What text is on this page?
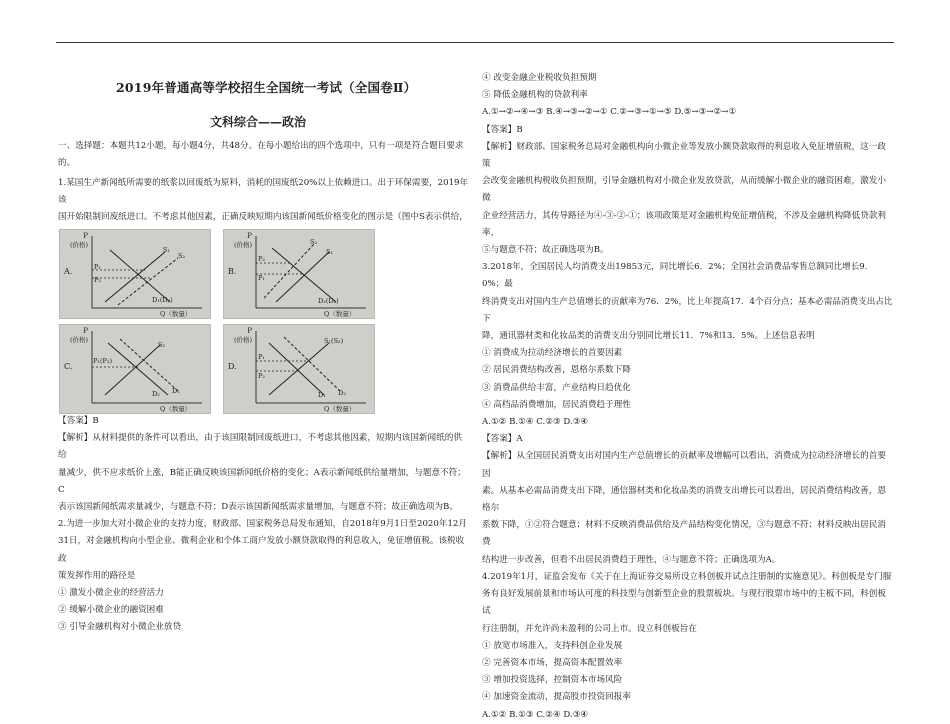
2019年普通高等学校招生全国统一考试（全国卷Ⅱ）
文科综合——政治
一、选择题：本题共12小题，每小题4分，共48分。在每小题给出的四个选项中，只有一项是符合题目要求
的。
1.某国生产新闻纸所需要的纸浆以回废纸为原料，消耗的国废纸20%以上依赖进口。出于环保需要，2019年该
国开始限制回废纸进口。不考虑其他因素，正确反映短期内该国新闻纸价格变化的图示是（图中S表示供给，
P
(价格)
A.
Q（数量）
S₁
S₂
P₁
P₂
D₁(D₂)
P
(价格)
B.
Q（数量）
S₂
S₁
P₂
P₁
D₁(D₂)
P
(价格)
C.
Q（数量）
S₂
P₁(P₂)
D₂ D₁
P
(价格)
D.
Q（数量）
S₁(S₂)
P₁
P₂
D₁ D₂
【答案】B
【解析】从材料提供的条件可以看出，由于该国限制回废纸进口，不考虑其他因素，短期内该国新闻纸的供给
量减少，供不应求纸价上涨，B能正确反映该国新闻纸价格的变化；A表示新闻纸供给量增加，与题意不符；C
表示该国新闻纸需求量减少，与题意不符；D表示该国新闻纸需求量增加，与题意不符；故正确选项为B。
2.为进一步加大对小微企业的支持力度，财政部、国家税务总局发布通知，自2018年9月1日至2020年12月
31日，对金融机构向小型企业、微利企业和个体工商户发放小额贷款取得的利息收入，免征增值税。该税收政
策发挥作用的路径是
① 激发小微企业的经营活力
② 缓解小微企业的融资困难
③ 引导金融机构对小微企业放贷
④ 改变金融企业税收负担预期
⑤ 降低金融机构的贷款利率
A.①→②→④→③ B.④→③→②→① C.②→③→①→⑤ D.⑤→③→②→①
【答案】B
【解析】财政部、国家税务总局对金融机构向小微企业等发放小额贷款取得的利息收入免征增值税，这一政策
会改变金融机构税收负担预期，引导金融机构对小微企业发放贷款，从而缓解小微企业的融资困难，激发小微
企业经营活力，其传导路径为④-③-②-①；该项政策是对金融机构免征增值税，不涉及金融机构降低贷款利率，
⑤与题意不符；故正确选项为B。
3.2018年，全国居民人均消费支出19853元，同比增长6．2%；全国社会消费品零售总额同比增长9．0%；最
终消费支出对国内生产总值增长的贡献率为76．2%，比上年提高17．4个百分点；基本必需品消费支出占比下
降，通讯器材类和化妆品类的消费支出分别同比增长11．7%和13．5%。上述信息表明
① 消费成为拉动经济增长的首要因素
② 居民消费结构改善，恩格尔系数下降
③ 消费品供给丰富，产业结构日趋优化
④ 高档品消费增加，居民消费趋于理性
A.①② B.①④ C.②③ D.③④
【答案】A
【解析】从全国居民消费支出对国内生产总值增长的贡献率及增幅可以看出，消费成为拉动经济增长的首要因
素。从基本必需品消费支出下降，通信器材类和化妆品类的消费支出增长可以看出，居民消费结构改善，恩格尔
系数下降，①②符合题意；材料不反映消费品供给及产品结构变化情况，③与题意不符；材料反映出居民消费
结构进一步改善，但看不出居民消费趋于理性，④与题意不符；正确选项为A。
4.2019年1月，证监会发布《关于在上海证券交易所设立科创板并试点注册制的实施意见》。科创板是专门服
务有良好发展前景和市场认可度的科技型与创新型企业的股票板块。与现行股票市场中的主板不同，科创板试
行注册制，并允许尚未盈利的公司上市。设立科创板旨在
① 放宽市场准入，支持科创企业发展
② 完善资本市场，提高资本配置效率
③ 增加投资选择，控制资本市场风险
④ 加速资金流动，提高股市投资回报率
A.①② B.①③ C.②④ D.③④
